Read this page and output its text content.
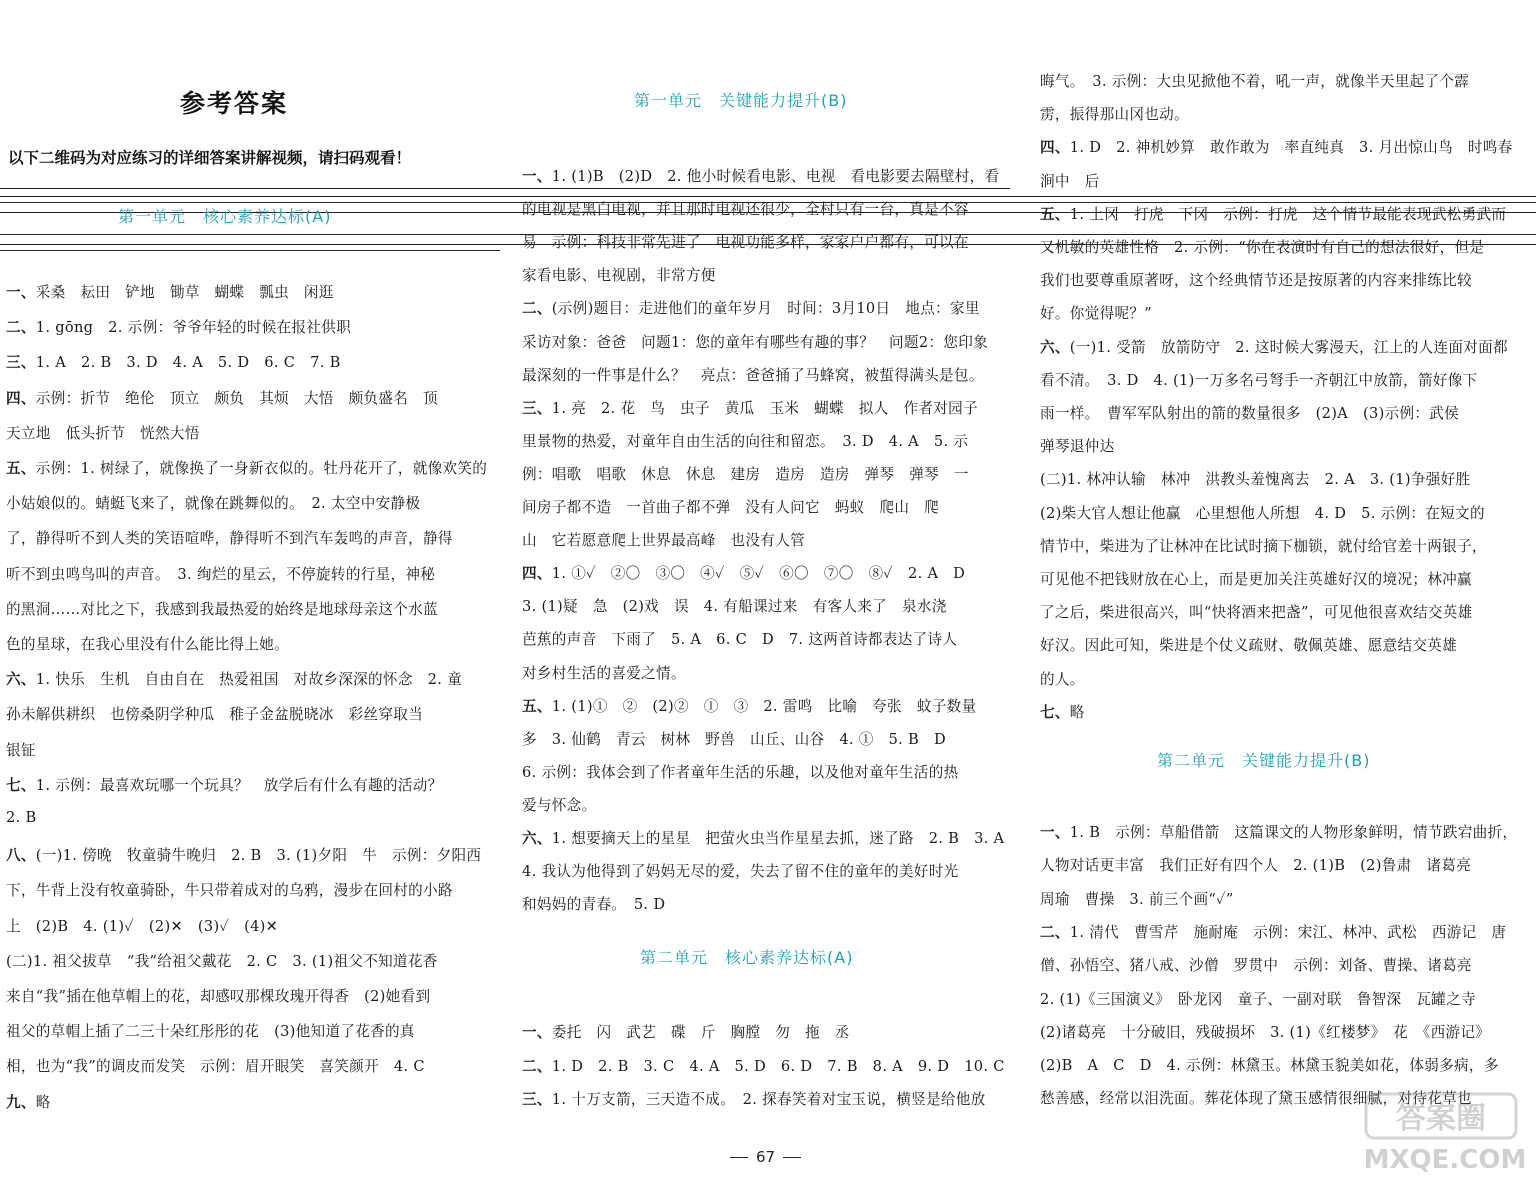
参考答案
以下二维码为对应练习的详细答案讲解视频，请扫码观看！
第一单元　核心素养达标(A)
一、采桑　耘田　铲地　锄草　蝴蝶　瓢虫　闲逛
二、1. gōng　2. 示例：爷爷年轻的时候在报社供职
三、1. A　2. B　3. D　4. A　5. D　6. C　7. B
四、示例：折节　绝伦　顶立　颇负　其烦　大悟　颇负盛名　顶
天立地　低头折节　恍然大悟
五、示例：1. 树绿了，就像换了一身新衣似的。牡丹花开了，就像欢笑的
小姑娘似的。蜻蜓飞来了，就像在跳舞似的。　2. 太空中安静极
了，静得听不到人类的笑语喧哗，静得听不到汽车轰鸣的声音，静得
听不到虫鸣鸟叫的声音。　3. 绚烂的星云，不停旋转的行星，神秘
的黑洞……对比之下，我感到我最热爱的始终是地球母亲这个水蓝
色的星球，在我心里没有什么能比得上她。
六、1. 快乐　生机　自由自在　热爱祖国　对故乡深深的怀念　2. 童
孙未解供耕织　也傍桑阴学种瓜　稚子金盆脱晓冰　彩丝穿取当
银钲
七、1. 示例：最喜欢玩哪一个玩具？　放学后有什么有趣的活动？
2. B
八、(一)1. 傍晚　牧童骑牛晚归　2. B　3. (1)夕阳　牛　示例：夕阳西
下，牛背上没有牧童骑卧，牛只带着成对的乌鸦，漫步在回村的小路
上　(2)B　4. (1)✓　(2)✕　(3)✓　(4)✕
(二)1. 祖父拔草　“我”给祖父戴花　2. C　3. (1)祖父不知道花香
来自“我”插在他草帽上的花，却感叹那棵玫瑰开得香　(2)她看到
祖父的草帽上插了二三十朵红彤彤的花　(3)他知道了花香的真
相，也为“我”的调皮而发笑　示例：眉开眼笑　喜笑颜开　4. C
九、略
第一单元　关键能力提升(B)
一、1. (1)B　(2)D　2. 他小时候看电影、电视　看电影要去隔壁村，看
的电视是黑白电视，并且那时电视还很少，全村只有一台，真是不容
易　示例：科技非常先进了　电视功能多样，家家户户都有，可以在
家看电影、电视剧，非常方便
二、(示例)题目：走进他们的童年岁月　时间：3月10日　地点：家里
采访对象：爸爸　问题1：您的童年有哪些有趣的事？　问题2：您印象
最深刻的一件事是什么？　亮点：爸爸捅了马蜂窝，被蜇得满头是包。
三、1. 亮　2. 花　鸟　虫子　黄瓜　玉米　蝴蝶　拟人　作者对园子
里景物的热爱，对童年自由生活的向往和留恋。　3. D　4. A　5. 示
例：唱歌　唱歌　休息　休息　建房　造房　造房　弹琴　弹琴　一
间房子都不造　一首曲子都不弹　没有人问它　蚂蚁　爬山　爬
山　它若愿意爬上世界最高峰　也没有人管
四、1. ①✓　②〇　③〇　④✓　⑤✓　⑥〇　⑦〇　⑧✓　2. A　D
3. (1)疑　急　(2)戏　误　4. 有船课过来　有客人来了　泉水浇
芭蕉的声音　下雨了　5. A　6. C　D　7. 这两首诗都表达了诗人
对乡村生活的喜爱之情。
五、1. (1)①　②　(2)②　①　③　2. 雷鸣　比喻　夸张　蚊子数量
多　3. 仙鹤　青云　树林　野兽　山丘、山谷　4. ①　5. B　D
6. 示例：我体会到了作者童年生活的乐趣，以及他对童年生活的热
爱与怀念。
六、1. 想要摘天上的星星　把萤火虫当作星星去抓，迷了路　2. B　3. A
4. 我认为他得到了妈妈无尽的爱，失去了留不住的童年的美好时光
和妈妈的青春。　5. D
第二单元　核心素养达标(A)
一、委托　闪　武艺　碟　斤　胸膛　勿　拖　丞
二、1. D　2. B　3. C　4. A　5. D　6. D　7. B　8. A　9. D　10. C
三、1. 十万支箭，三天造不成。　2. 探春笑着对宝玉说，横竖是给他放
晦气。　3. 示例：大虫见掀他不着，吼一声，就像半天里起了个霹
雳，振得那山冈也动。
四、1. D　2. 神机妙算　敢作敢为　率直纯真　3. 月出惊山鸟　时鸣春
涧中　后
五、1. 上冈　打虎　下冈　示例：打虎　这个情节最能表现武松勇武而
又机敏的英雄性格　2. 示例：“你在表演时有自己的想法很好，但是
我们也要尊重原著呀，这个经典情节还是按原著的内容来排练比较
好。你觉得呢？”
六、(一)1. 受箭　放箭防守　2. 这时候大雾漫天，江上的人连面对面都
看不清。　3. D　4. (1)一万多名弓弩手一齐朝江中放箭，箭好像下
雨一样。　曹军军队射出的箭的数量很多　(2)A　(3)示例：武侯
弹琴退仲达
(二)1. 林冲认输　林冲　洪教头羞愧离去　2. A　3. (1)争强好胜
(2)柴大官人想让他赢　心里想他人所想　4. D　5. 示例：在短文的
情节中，柴进为了让林冲在比试时摘下枷锁，就付给官差十两银子，
可见他不把钱财放在心上，而是更加关注英雄好汉的境况；林冲赢
了之后，柴进很高兴，叫“快将酒来把盏”，可见他很喜欢结交英雄
好汉。因此可知，柴进是个仗义疏财、敬佩英雄、愿意结交英雄
的人。
七、略
第二单元　关键能力提升(B)
一、1. B　示例：草船借箭　这篇课文的人物形象鲜明，情节跌宕曲折，
人物对话更丰富　我们正好有四个人　2. (1)B　(2)鲁肃　诸葛亮
周瑜　曹操　3. 前三个画“✓”
二、1. 清代　曹雪芹　施耐庵　示例：宋江、林冲、武松　西游记　唐
僧、孙悟空、猪八戒、沙僧　罗贯中　示例：刘备、曹操、诸葛亮
2. (1)《三国演义》　卧龙冈　童子、一副对联　鲁智深　瓦罐之寺
(2)诸葛亮　十分破旧，残破损坏　3. (1)《红楼梦》　花　《西游记》
(2)B　A　C　D　4. 示例：林黛玉。林黛玉貌美如花，体弱多病，多
愁善感，经常以泪洗面。葬花体现了黛玉感情很细腻，对待花草也
67
答案圈
MXQE.COM
